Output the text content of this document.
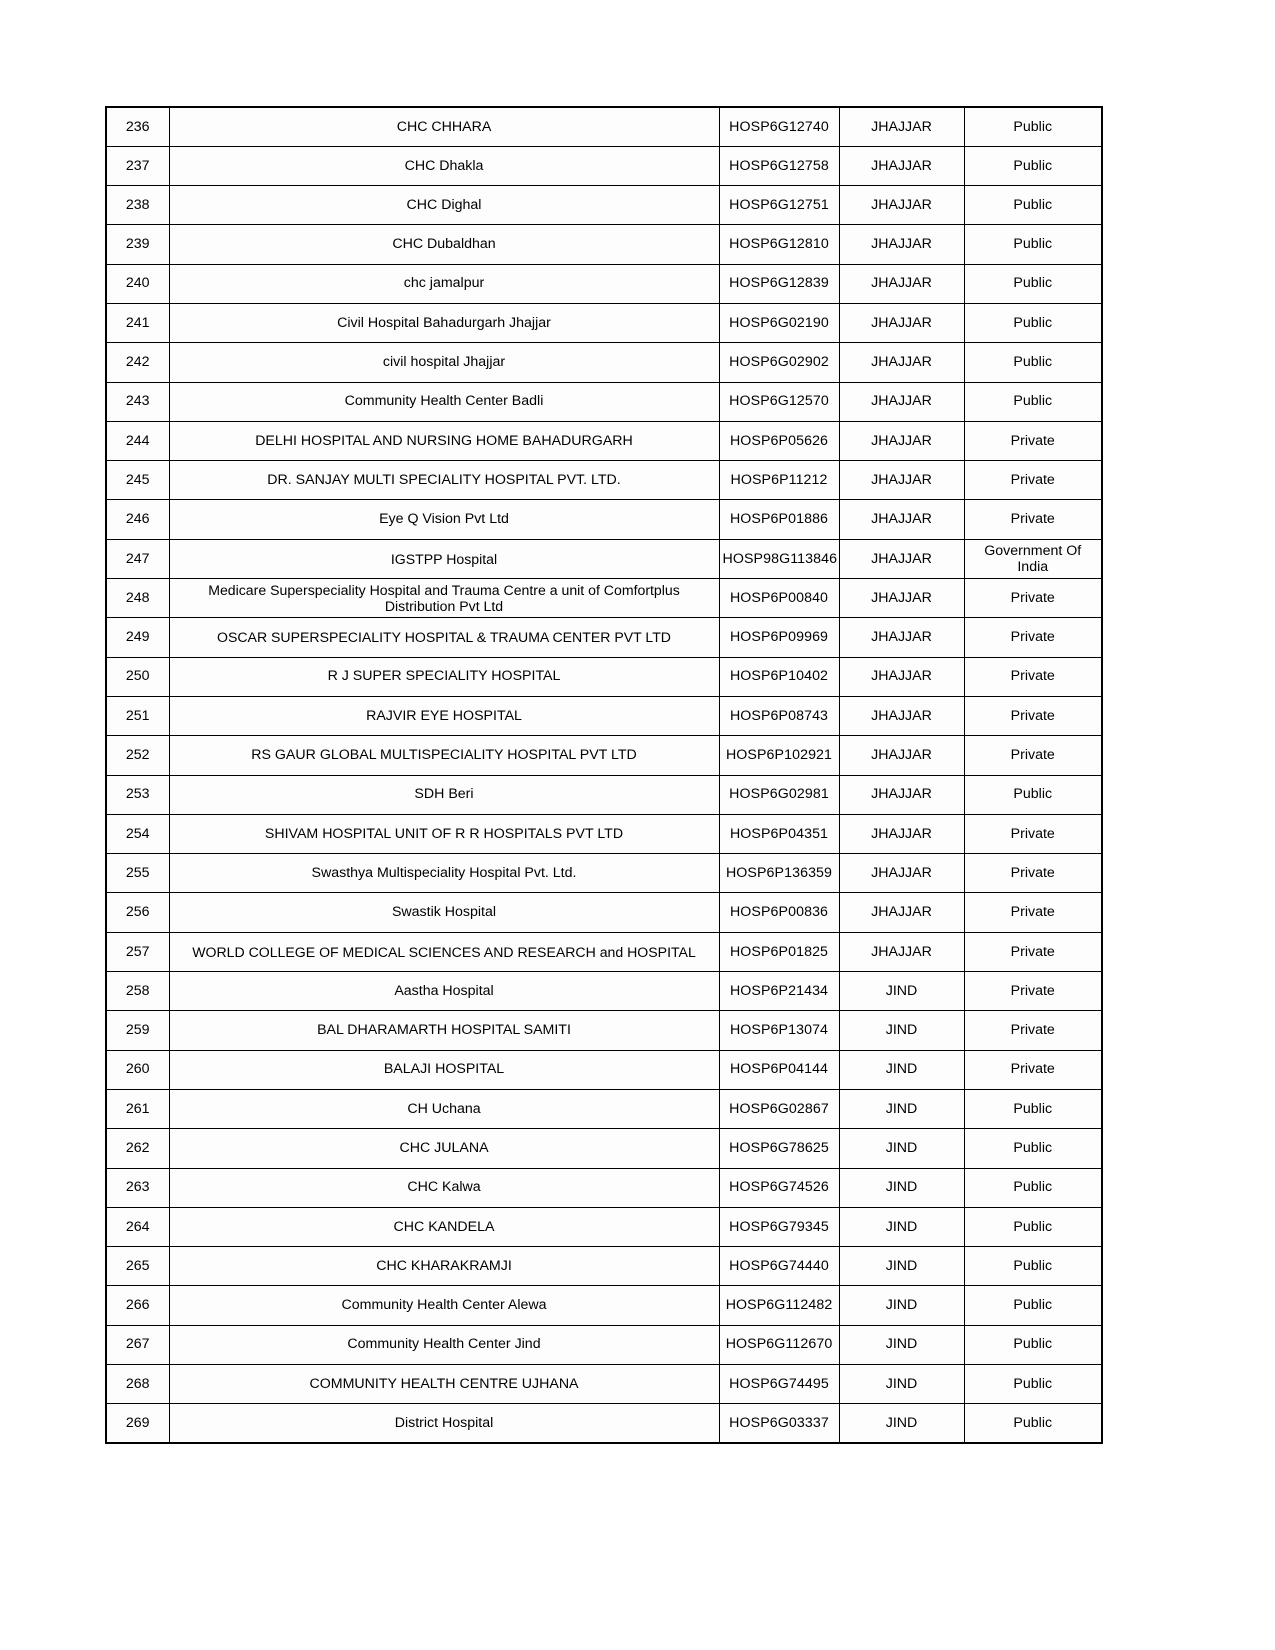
236	CHC CHHARA	HOSP6G12740	JHAJJAR	Public
237	CHC Dhakla	HOSP6G12758	JHAJJAR	Public
238	CHC Dighal	HOSP6G12751	JHAJJAR	Public
239	CHC Dubaldhan	HOSP6G12810	JHAJJAR	Public
240	chc jamalpur	HOSP6G12839	JHAJJAR	Public
241	Civil Hospital Bahadurgarh Jhajjar	HOSP6G02190	JHAJJAR	Public
242	civil hospital Jhajjar	HOSP6G02902	JHAJJAR	Public
243	Community Health Center Badli	HOSP6G12570	JHAJJAR	Public
244	DELHI HOSPITAL AND NURSING HOME BAHADURGARH	HOSP6P05626	JHAJJAR	Private
245	DR. SANJAY MULTI SPECIALITY HOSPITAL PVT. LTD.	HOSP6P11212	JHAJJAR	Private
246	Eye Q Vision Pvt Ltd	HOSP6P01886	JHAJJAR	Private
247	IGSTPP Hospital	HOSP98G113846	JHAJJAR	Government Of India
248	Medicare Superspeciality Hospital and Trauma Centre a unit of Comfortplus Distribution Pvt Ltd	HOSP6P00840	JHAJJAR	Private
249	OSCAR SUPERSPECIALITY HOSPITAL & TRAUMA CENTER PVT LTD	HOSP6P09969	JHAJJAR	Private
250	R J SUPER SPECIALITY HOSPITAL	HOSP6P10402	JHAJJAR	Private
251	RAJVIR EYE HOSPITAL	HOSP6P08743	JHAJJAR	Private
252	RS GAUR GLOBAL MULTISPECIALITY HOSPITAL PVT LTD	HOSP6P102921	JHAJJAR	Private
253	SDH Beri	HOSP6G02981	JHAJJAR	Public
254	SHIVAM HOSPITAL UNIT OF R R HOSPITALS PVT LTD	HOSP6P04351	JHAJJAR	Private
255	Swasthya Multispeciality Hospital Pvt. Ltd.	HOSP6P136359	JHAJJAR	Private
256	Swastik Hospital	HOSP6P00836	JHAJJAR	Private
257	WORLD COLLEGE OF MEDICAL SCIENCES AND RESEARCH and HOSPITAL	HOSP6P01825	JHAJJAR	Private
258	Aastha Hospital	HOSP6P21434	JIND	Private
259	BAL DHARAMARTH HOSPITAL SAMITI	HOSP6P13074	JIND	Private
260	BALAJI HOSPITAL	HOSP6P04144	JIND	Private
261	CH Uchana	HOSP6G02867	JIND	Public
262	CHC JULANA	HOSP6G78625	JIND	Public
263	CHC Kalwa	HOSP6G74526	JIND	Public
264	CHC KANDELA	HOSP6G79345	JIND	Public
265	CHC KHARAKRAMJI	HOSP6G74440	JIND	Public
266	Community Health Center Alewa	HOSP6G112482	JIND	Public
267	Community Health Center Jind	HOSP6G112670	JIND	Public
268	COMMUNITY HEALTH CENTRE UJHANA	HOSP6G74495	JIND	Public
269	District Hospital	HOSP6G03337	JIND	Public
